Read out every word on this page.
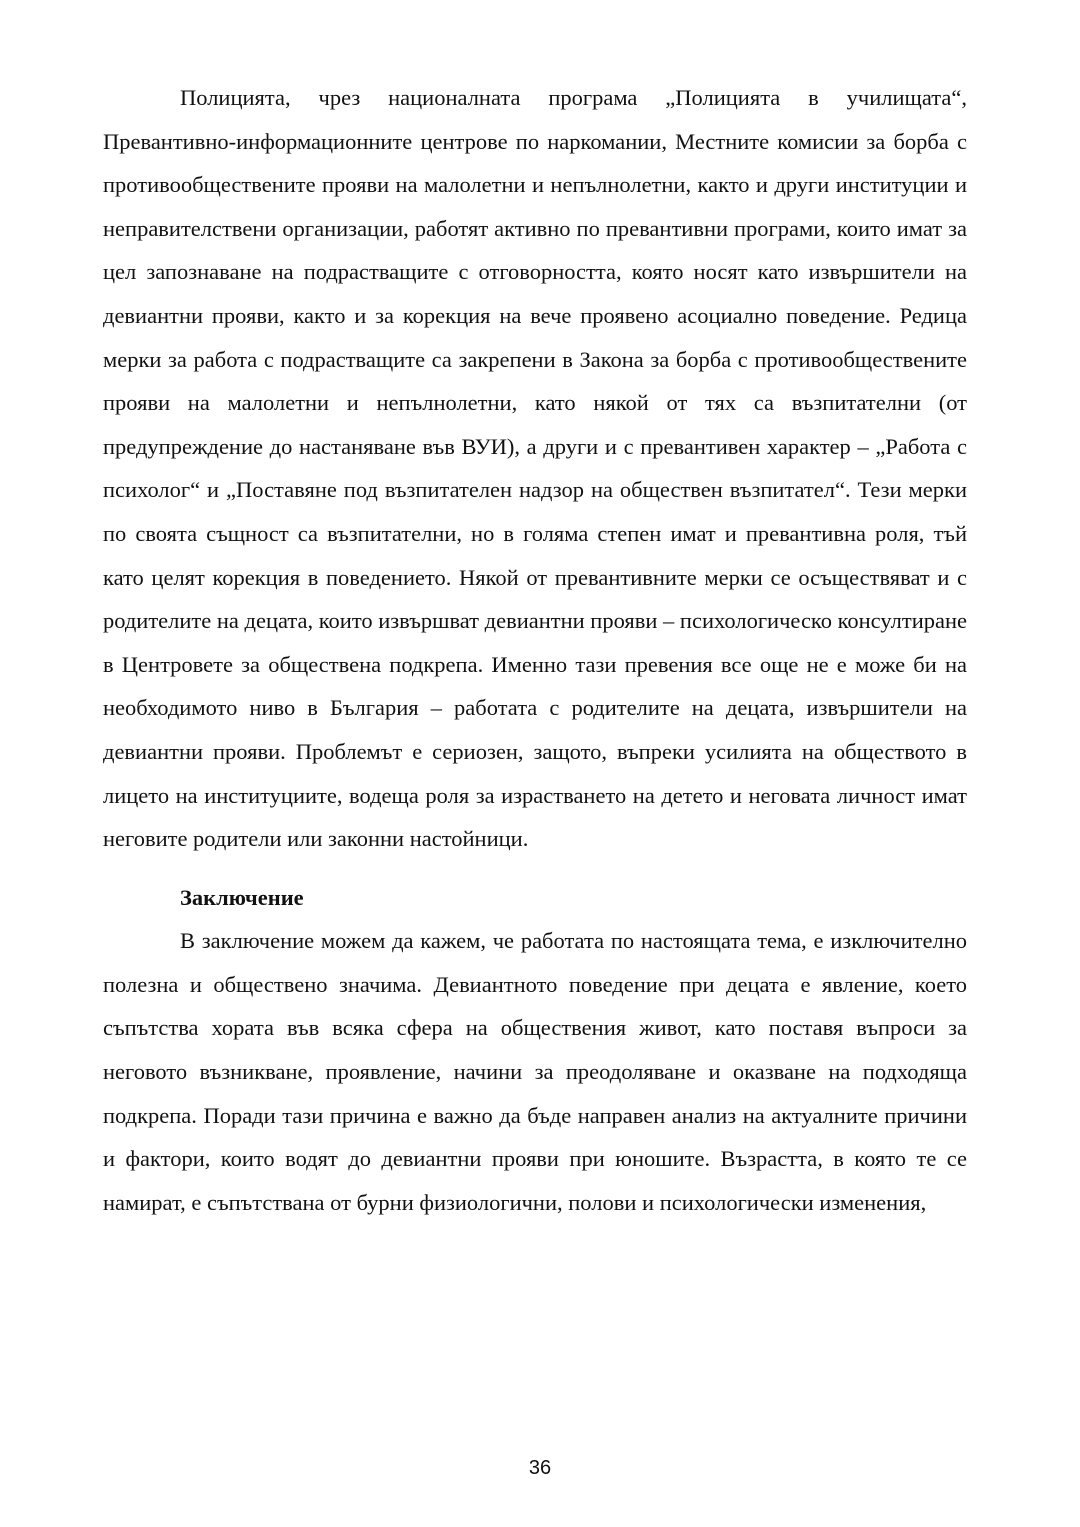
Полицията, чрез националната програма „Полицията в училищата“, Превантивно-информационните центрове по наркомании, Местните комисии за борба с противообществените прояви на малолетни и непълнолетни, както и други институции и неправителствени организации, работят активно по превантивни програми, които имат за цел запознаване на подрастващите с отговорността, която носят като извършители на девиантни прояви, както и за корекция на вече проявено асоциално поведение. Редица мерки за работа с подрастващите са закрепени в Закона за борба с противообществените прояви на малолетни и непълнолетни, като някой от тях са възпитателни (от предупреждение до настаняване във ВУИ), а други и с превантивен характер – „Работа с психолог“ и „Поставяне под възпитателен надзор на обществен възпитател“. Тези мерки по своята същност са възпитателни, но в голяма степен имат и превантивна роля, тъй като целят корекция в поведението. Някой от превантивните мерки се осъществяват и с родителите на децата, които извършват девиантни прояви – психологическо консултиране в Центровете за обществена подкрепа. Именно тази превения все още не е може би на необходимото ниво в България – работата с родителите на децата, извършители на девиантни прояви. Проблемът е сериозен, защото, въпреки усилията на обществото в лицето на институциите, водеща роля за израстването на детето и неговата личност имат неговите родители или законни настойници.

Заключение

В заключение можем да кажем, че работата по настоящата тема, е изключително полезна и обществено значима. Девиантното поведение при децата е явление, което съпътства хората във всяка сфера на обществения живот, като поставя въпроси за неговото възникване, проявление, начини за преодоляване и оказване на подходяща подкрепа. Поради тази причина е важно да бъде направен анализ на актуалните причини и фактори, които водят до девиантни прояви при юношите. Възрастта, в която те се намират, е съпътствана от бурни физиологични, полови и психологически изменения,

36
